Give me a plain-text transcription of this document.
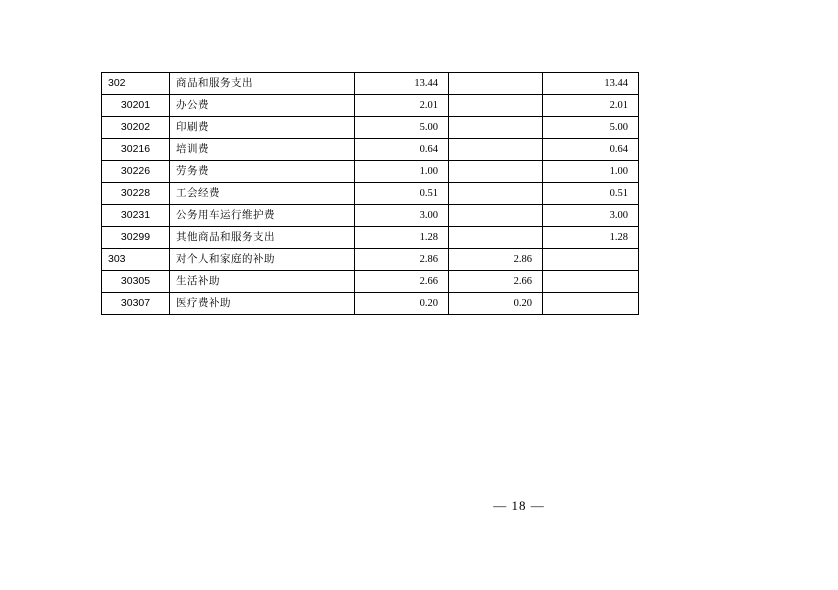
302	商品和服务支出	13.44		13.44
30201	办公费	2.01		2.01
30202	印刷费	5.00		5.00
30216	培训费	0.64		0.64
30226	劳务费	1.00		1.00
30228	工会经费	0.51		0.51
30231	公务用车运行维护费	3.00		3.00
30299	其他商品和服务支出	1.28		1.28
303	对个人和家庭的补助	2.86	2.86	
30305	生活补助	2.66	2.66	
30307	医疗费补助	0.20	0.20	
— 18 —
